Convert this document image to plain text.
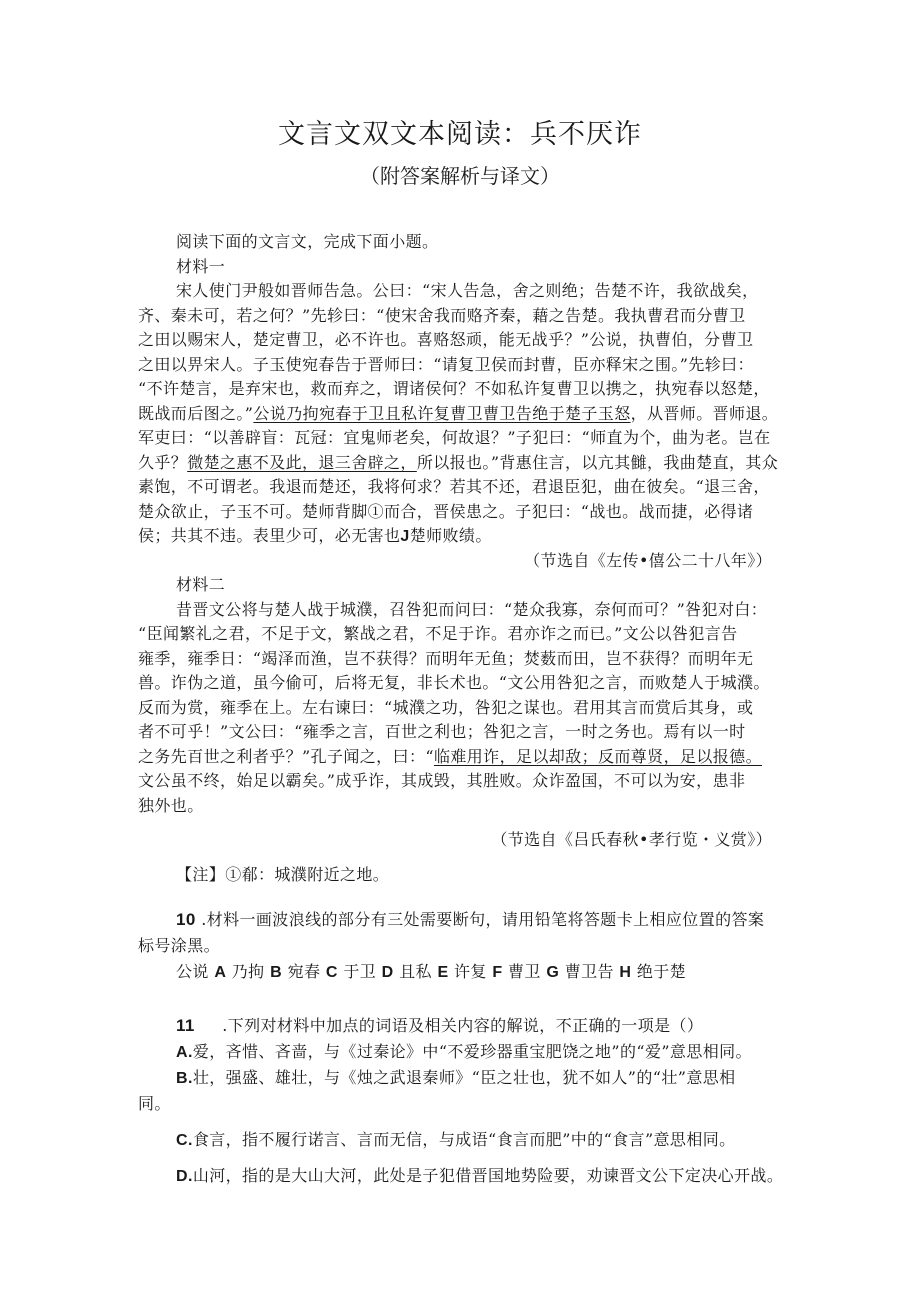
文言文双文本阅读：兵不厌诈
（附答案解析与译文）

阅读下面的文言文，完成下面小题。

材料一

宋人使门尹般如晋师告急。公曰：“宋人告急，舍之则绝；告楚不许，我欲战矣，

齐、秦未可，若之何？”先轸曰：“使宋舍我而赂齐秦，藉之告楚。我执曹君而分曹卫

之田以赐宋人，楚定曹卫，必不许也。喜赂怒顽，能无战乎？”公说，执曹伯，分曹卫

之田以畀宋人。子玉使宛春告于晋师曰：“请复卫侯而封曹，臣亦释宋之围。”先轸曰：

“不许楚言，是弃宋也，救而弃之，谓诸侯何？不如私许复曹卫以携之，执宛春以怒楚，

既战而后图之。”公说乃拘宛春于卫且私许复曹卫曹卫告绝于楚子玉怒，从晋师。晋师退。

军吏曰：“以善辟盲：瓦冠：宜鬼师老矣，何故退？”子犯曰：“师直为个，曲为老。岂在

久乎？微楚之惠不及此，退三舍辟之，所以报也。”背惠住言，以亢其雠，我曲楚直，其众

素饱，不可谓老。我退而楚还，我将何求？若其不还，君退臣犯，曲在彼矣。“退三舍，

楚众欲止，子玉不可。楚师背脚①而合，晋侯患之。子犯曰：“战也。战而捷，必得诸

侯；共其不违。表里少可，必无害也J楚师败绩。

（节选自《左传•僖公二十八年》）

材料二

昔晋文公将与楚人战于城濮，召咎犯而问曰：“楚众我寡，奈何而可？”咎犯对白：

“臣闻繁礼之君，不足于文，繁战之君，不足于诈。君亦诈之而已。”文公以咎犯言告

雍季，雍季日：“竭泽而渔，岂不获得？而明年无鱼；焚薮而田，岂不获得？而明年无

兽。诈伪之道，虽今偷可，后将无复，非长术也。“文公用咎犯之言，而败楚人于城濮。

反而为赏，雍季在上。左右谏曰：“城濮之功，咎犯之谋也。君用其言而赏后其身，或

者不可乎！”文公曰：“雍季之言，百世之利也；咎犯之言，一时之务也。焉有以一时

之务先百世之利者乎？”孔子闻之，曰：“临难用诈，足以却敌；反而尊贤，足以报德。

文公虽不终，始足以霸矣。”成乎诈，其成毁，其胜败。众诈盈国，不可以为安，患非

独外也。

（节选自《吕氏春秋•孝行览・义赏》）

【注】①郩：城濮附近之地。

10 .材料一画波浪线的部分有三处需要断句，请用铅笔将答题卡上相应位置的答案

标号涂黑。

公说 A 乃拘 B 宛春 C 于卫 D 且私 E 许复 F 曹卫 G 曹卫告 H 绝于楚

11 .下列对材料中加点的词语及相关内容的解说，不正确的一项是（）

A.爱，吝惜、吝啬，与《过秦论》中“不爱珍器重宝肥饶之地”的“爱”意思相同。

B.壮，强盛、雄壮，与《烛之武退秦师》“臣之壮也，犹不如人”的“壮”意思相

同。

C.食言，指不履行诺言、言而无信，与成语“食言而肥”中的“食言”意思相同。

D.山河，指的是大山大河，此处是子犯借晋国地势险要，劝谏晋文公下定决心开战。
